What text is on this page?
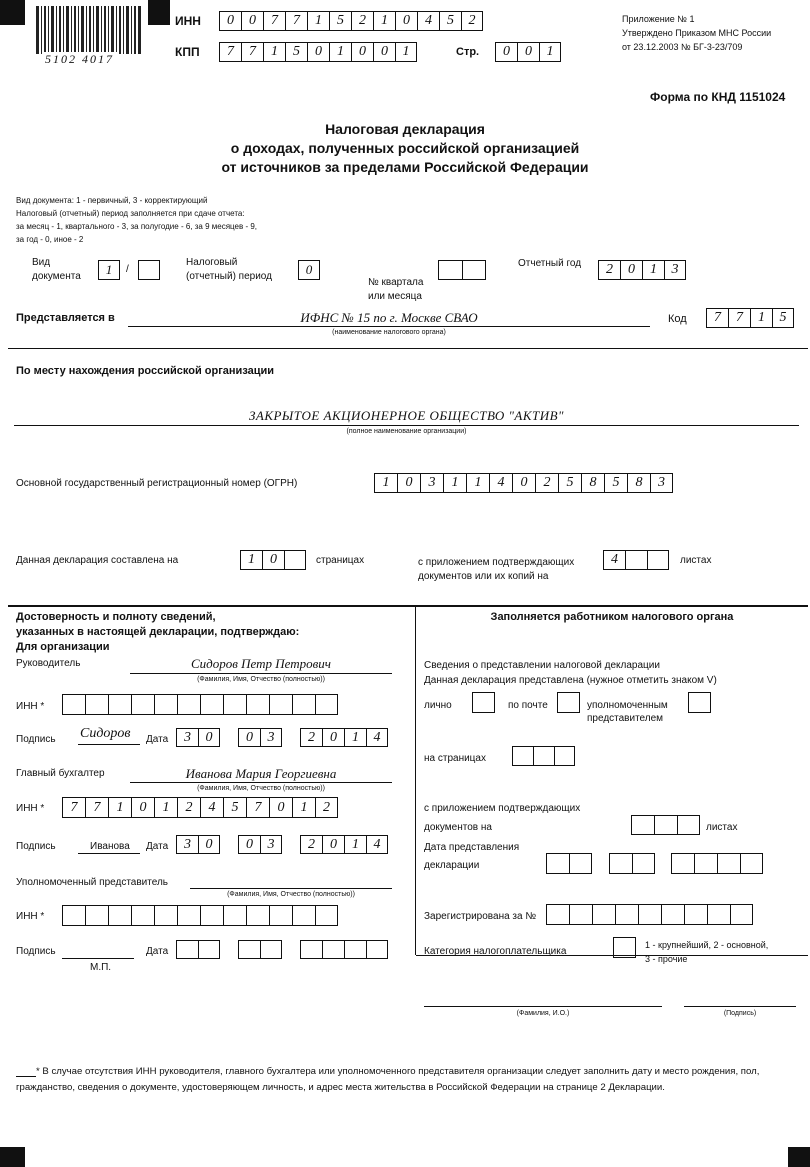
5102 4017
ИНН	0	0	7	7	1	5	2	1	0	4	5	2
КПП	7	7	1	5	0	1	0	0	1	Стр.	0	0	1
Приложение № 1
Утверждено Приказом МНС России
от 23.12.2003 № БГ-3-23/709
Форма по КНД 1151024
Налоговая декларация
о доходах, полученных российской организацией
от источников за пределами Российской Федерации
Вид документа: 1 - первичный, 3 - корректирующий
Налоговый (отчетный) период заполняется при сдаче отчета:
за месяц - 1, квартального - 3, за полугодие - 6, за 9 месяцев - 9,
за год - 0, иное - 2
Вид
документа	1	/
Налоговый
(отчетный) период	0
№ квартала
или месяца
Отчетный год	2	0	1	3
Представляется в	ИФНС № 15 по г. Москве СВАО
(наименование налогового органа)
Код	7	7	1	5
По месту нахождения российской организации
ЗАКРЫТОЕ АКЦИОНЕРНОЕ ОБЩЕСТВО "АКТИВ"
(полное наименование организации)
Основной государственный регистрационный номер (ОГРН)	1	0	3	1	1	4	0	2	5	8	5	8	3
Данная декларация составлена на	1	0	страницах	с приложением подтверждающих
документов или их копий на
4	листах
Достоверность и полноту сведений,
указанных в настоящей декларации, подтверждаю:
Для организации
Руководитель	Сидоров Петр Петрович
(Фамилия, Имя, Отчество (полностью))
ИНН *
Подпись Сидоров Дата	3	0	0	3	2	0	1	4
Главный бухгалтер	Иванова Мария Георгиевна
(Фамилия, Имя, Отчество (полностью))
ИНН *	7	7	1	0	1	2	4	5	7	0	1	2
Подпись	Иванова Дата	3	0	0	3	2	0	1	4
Уполномоченный представитель
(Фамилия, Имя, Отчество (полностью))
ИНН *
Подпись	Дата
М.П.
Заполняется работником налогового органа
Сведения о представлении налоговой декларации
Данная декларация представлена (нужное отметить знаком V)
лично	по почте	уполномоченным
представителем
на страницах
с приложением подтверждающих
документов на	листах
Дата представления
декларации
Зарегистрирована за №
Категория налогоплательщика
1 - крупнейший, 2 - основной,
3 - прочие
(Фамилия, И.О.)	(Подпись)
* В случае отсутствия ИНН руководителя, главного бухгалтера или уполномоченного представителя организации следует заполнить дату и место рождения, пол,
гражданство, сведения о документе, удостоверяющем личность, и адрес места жительства в Российской Федерации на странице 2 Декларации.
